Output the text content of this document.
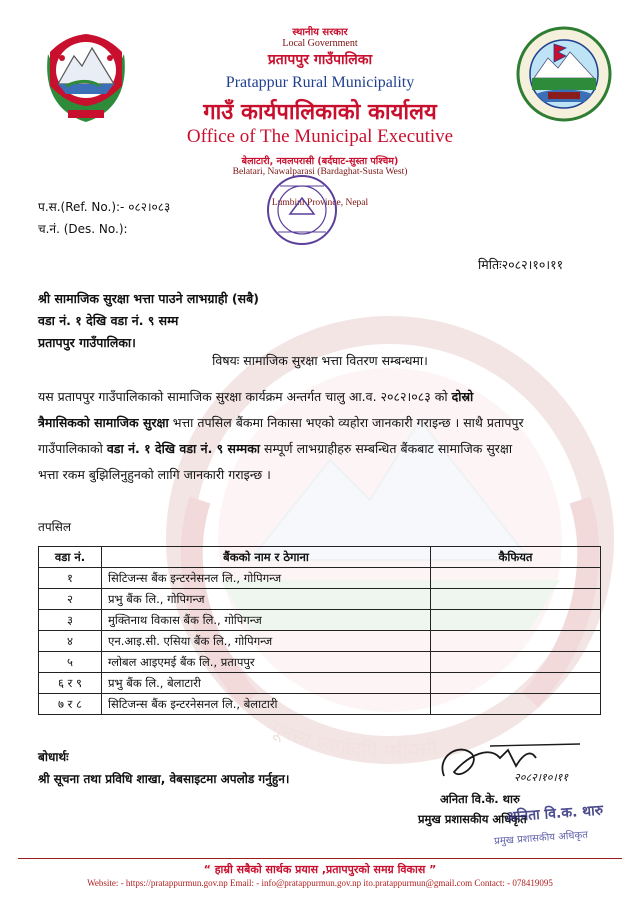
स्थानीय सरकार
Local Government
प्रतापपुर गाउँपालिका
Pratappur Rural Municipality
गाउँ कार्यपालिकाको कार्यालय
Office of The Municipal Executive
बेलाटारी, नवलपरासी (बर्दघाट-सुस्ता पश्चिम)
Belatari, Nawalparasi (Bardaghat-Susta West)
Lumbini Province, Nepal
गूनस्य स्वर्गादपि गरीयसी
प.स.(Ref. No.):- ०८२।०८३
च.नं. (Des. No.):
मितिः२०८२।१०।११
श्री सामाजिक सुरक्षा भत्ता पाउने लाभग्राही (सबै)
वडा नं. १ देखि वडा नं. ९ सम्म
प्रतापपुर गाउँपालिका।
विषयः सामाजिक सुरक्षा भत्ता वितरण सम्बन्धमा।
यस प्रतापपुर गाउँपालिकाको सामाजिक सुरक्षा कार्यक्रम अन्तर्गत चालु आ.व. २०८२।०८३ को दोस्रो
त्रैमासिकको सामाजिक सुरक्षा भत्ता तपसिल बैंकमा निकासा भएको व्यहोरा जानकारी गराइन्छ । साथै प्रतापपुर
गाउँपालिकाको वडा नं. १ देखि वडा नं. ९ सम्मका सम्पूर्ण लाभग्राहीहरु सम्बन्धित बैंकबाट सामाजिक सुरक्षा
भत्ता रकम बुझिलिनुहुनको लागि जानकारी गराइन्छ ।
तपसिल
वडा नं.	बैंकको नाम र ठेगाना	कैफियत
१	सिटिजन्स बैंक इन्टरनेसनल लि., गोपिगन्ज	
२	प्रभु बैंक लि., गोपिगन्ज	
३	मुक्तिनाथ विकास बैंक लि., गोपिगन्ज	
४	एन.आइ.सी. एसिया बैंक लि., गोपिगन्ज	
५	ग्लोबल आइएमई बैंक लि., प्रतापपुर	
६ र ९	प्रभु बैंक लि., बेलाटारी	
७ र ८	सिटिजन्स बैंक इन्टरनेसनल लि., बेलाटारी	
बोधार्थः
श्री सूचना तथा प्रविधि शाखा, वेबसाइटमा अपलोड गर्नुहुन।	२०८२।१०।११
अनिता वि.के. थारु
प्रमुख प्रशासकीय अधिकृत
अनिता वि.क. थारु
प्रमुख प्रशासकीय अधिकृत
“ हाम्री सबैको सार्थक प्रयास ,प्रतापपुरको समग्र विकास ”
Website: - https://pratappurmun.gov.np Email: - info@pratappurmun.gov.np ito.pratappurmun@gmail.com Contact: - 078419095
